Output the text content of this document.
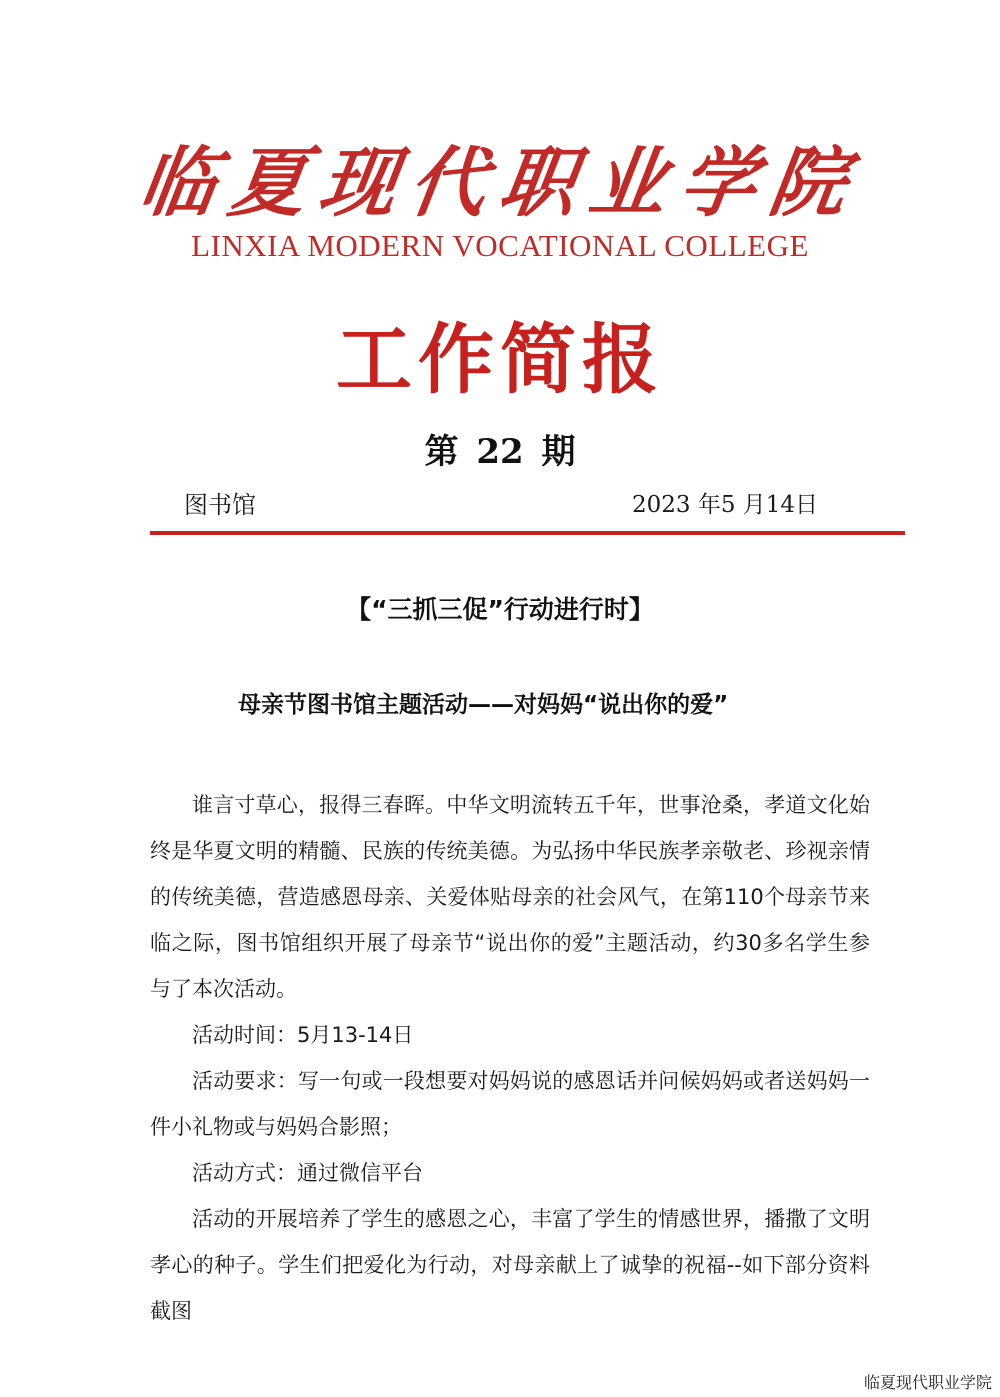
临夏现代职业学院
LINXIA MODERN VOCATIONAL COLLEGE
工作简报
第 22 期
图书馆	2023 年5 月14日
【“三抓三促”行动进行时】
母亲节图书馆主题活动——对妈妈“说出你的爱”

谁言寸草心，报得三春晖。中华文明流转五千年，世事沧桑，孝道文化始终是华夏文明的精髓、民族的传统美德。为弘扬中华民族孝亲敬老、珍视亲情的传统美德，营造感恩母亲、关爱体贴母亲的社会风气，在第110个母亲节来临之际，图书馆组织开展了母亲节“说出你的爱”主题活动，约30多名学生参与了本次活动。

活动时间：5月13-14日

活动要求：写一句或一段想要对妈妈说的感恩话并问候妈妈或者送妈妈一件小礼物或与妈妈合影照；

活动方式：通过微信平台

活动的开展培养了学生的感恩之心，丰富了学生的情感世界，播撒了文明孝心的种子。学生们把爱化为行动，对母亲献上了诚挚的祝福--如下部分资料截图

临夏现代职业学院
